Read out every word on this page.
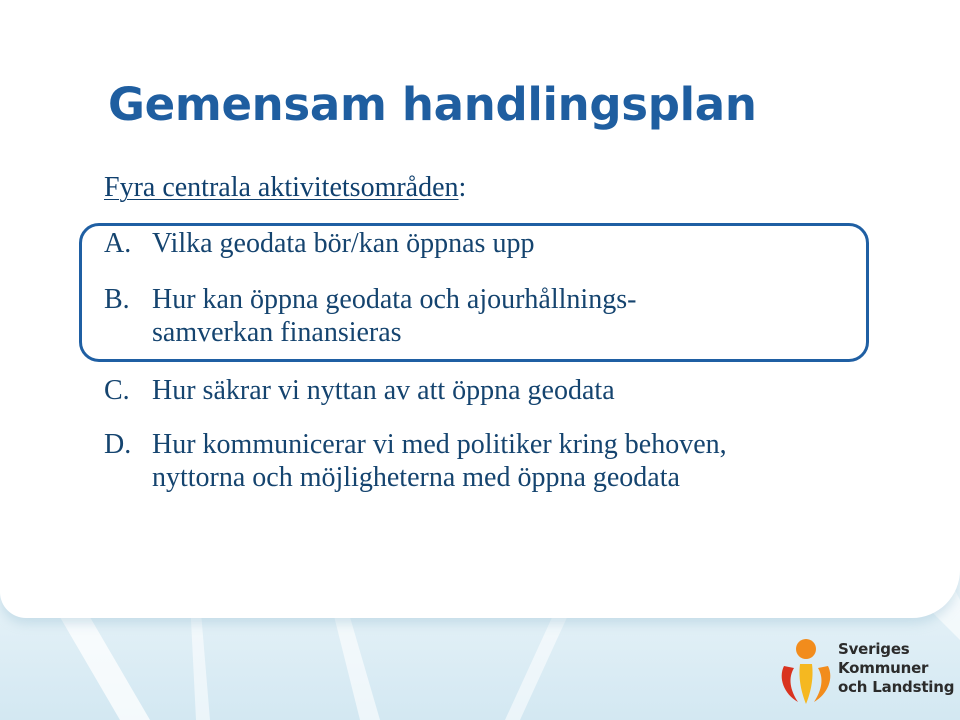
Gemensam handlingsplan
Fyra centrala aktivitetsområden:
A. Vilka geodata bör/kan öppnas upp
B. Hur kan öppna geodata och ajourhållnings-
samverkan finansieras
C. Hur säkrar vi nyttan av att öppna geodata
D. Hur kommunicerar vi med politiker kring behoven,
nyttorna och möjligheterna med öppna geodata
Sveriges
Kommuner
och Landsting
